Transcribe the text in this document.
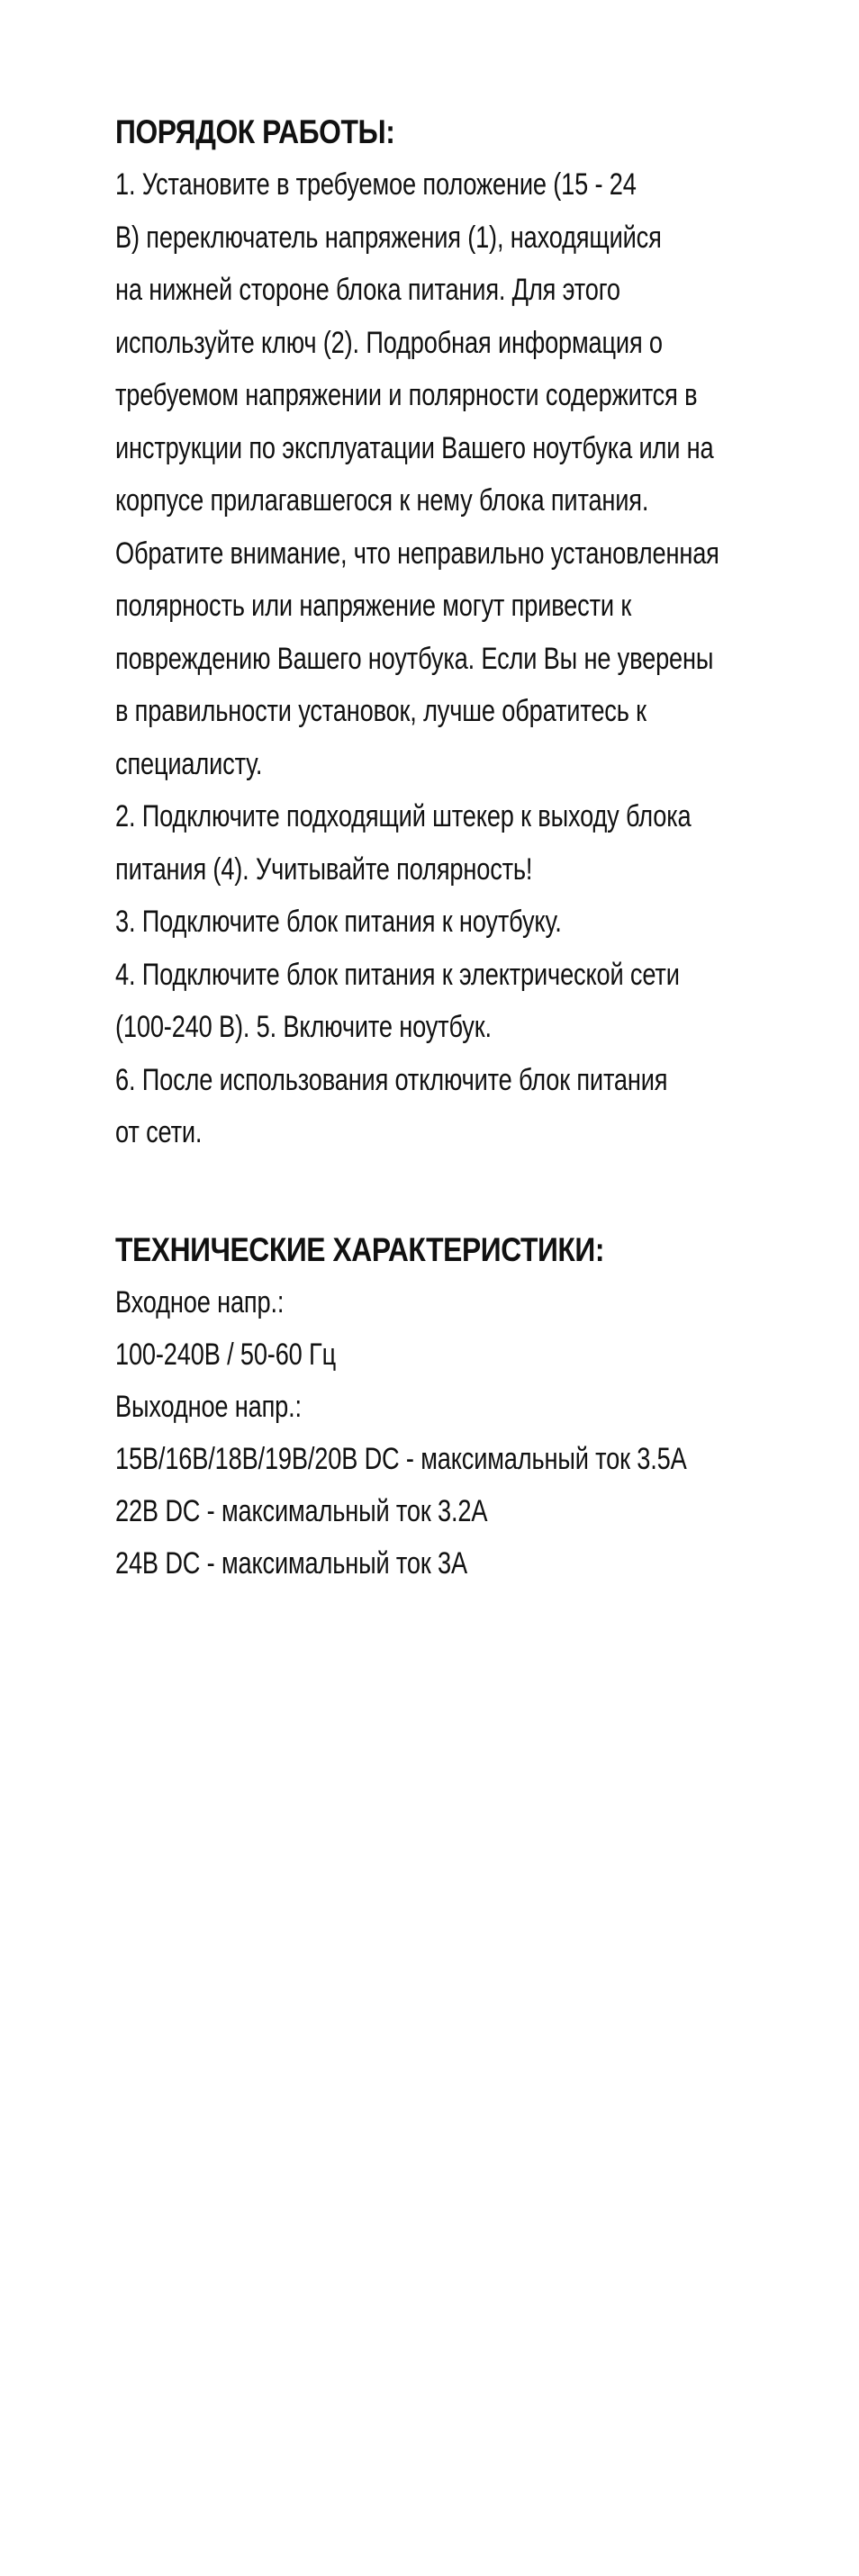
ПОРЯДОК РАБОТЫ:
1. Установите в требуемое положение (15 - 24
В) переключатель напряжения (1), находящийся
на нижней стороне блока питания. Для этого
используйте ключ (2). Подробная информация о
требуемом напряжении и полярности содержится в
инструкции по эксплуатации Вашего ноутбука или на
корпусе прилагавшегося к нему блока питания.
Обратите внимание, что неправильно установленная
полярность или напряжение могут привести к
повреждению Вашего ноутбука. Если Вы не уверены
в правильности установок, лучше обратитесь к
специалисту.
2. Подключите подходящий штекер к выходу блока
питания (4). Учитывайте полярность!
3. Подключите блок питания к ноутбуку.
4. Подключите блок питания к электрической сети
(100-240 В). 5. Включите ноутбук.
6. После использования отключите блок питания
от сети.
ТЕХНИЧЕСКИЕ ХАРАКТЕРИСТИКИ:
Входное напр.:
100-240В / 50-60 Гц
Выходное напр.:
15В/16В/18В/19В/20В DC - максимальный ток 3.5А
22В DC - максимальный ток 3.2А
24В DC - максимальный ток 3А
